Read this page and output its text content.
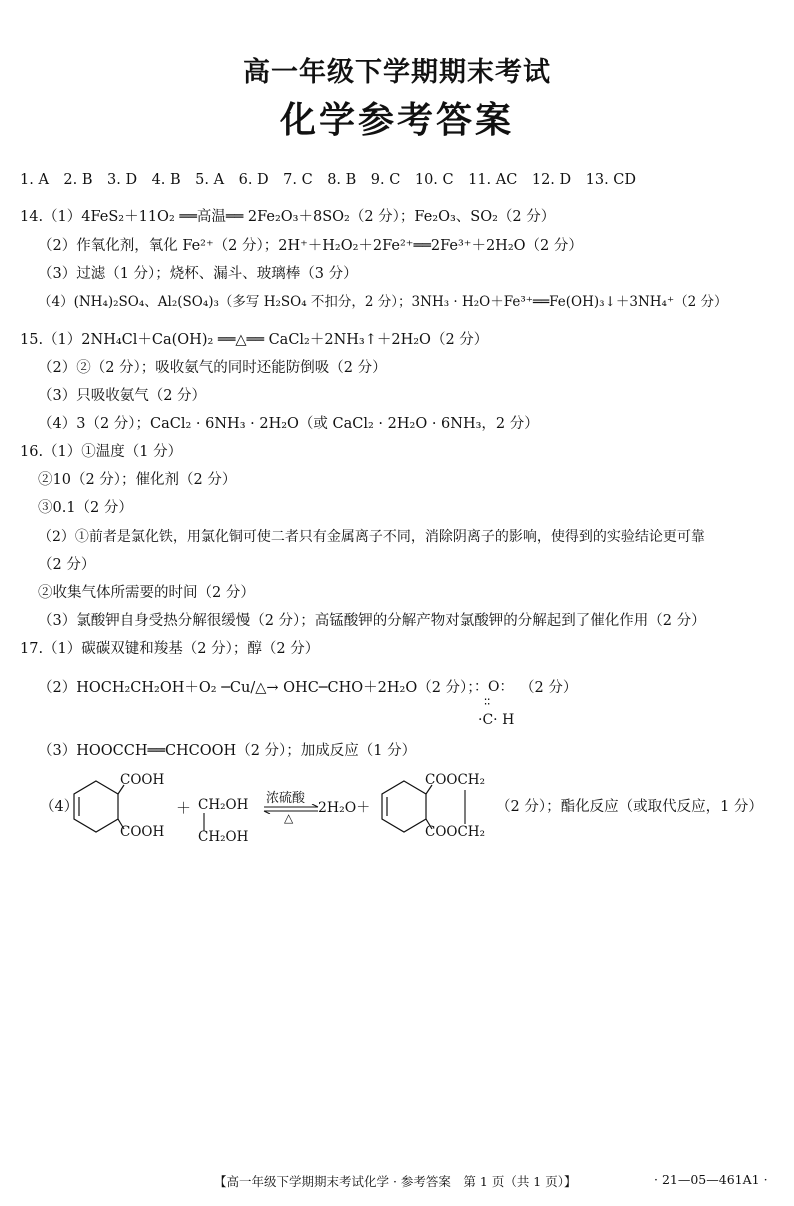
高一年级下学期期末考试
化学参考答案
1. A　2. B　3. D　4. B　5. A　6. D　7. C　8. B　9. C　10. C　11. AC　12. D　13. CD
14.（1）4FeS₂＋11O₂ ══高温══ 2Fe₂O₃＋8SO₂（2 分）；Fe₂O₃、SO₂（2 分）
（2）作氧化剂，氧化 Fe²⁺（2 分）；2H⁺＋H₂O₂＋2Fe²⁺══2Fe³⁺＋2H₂O（2 分）
（3）过滤（1 分）；烧杯、漏斗、玻璃棒（3 分）
（4）(NH₄)₂SO₄、Al₂(SO₄)₃（多写 H₂SO₄ 不扣分，2 分）；3NH₃ · H₂O＋Fe³⁺══Fe(OH)₃↓＋3NH₄⁺（2 分）
15.（1）2NH₄Cl＋Ca(OH)₂ ══△══ CaCl₂＋2NH₃↑＋2H₂O（2 分）
（2）②（2 分）；吸收氨气的同时还能防倒吸（2 分）
（3）只吸收氨气（2 分）
（4）3（2 分）；CaCl₂ · 6NH₃ · 2H₂O（或 CaCl₂ · 2H₂O · 6NH₃，2 分）
16.（1）①温度（1 分）
②10（2 分）；催化剂（2 分）
③0.1（2 分）
（2）①前者是氯化铁，用氯化铜可使二者只有金属离子不同，消除阴离子的影响，使得到的实验结论更可靠
（2 分）
②收集气体所需要的时间（2 分）
（3）氯酸钾自身受热分解很缓慢（2 分）；高锰酸钾的分解产物对氯酸钾的分解起到了催化作用（2 分）
17.（1）碳碳双键和羧基（2 分）；醇（2 分）
（2）HOCH₂CH₂OH＋O₂ ─Cu/△→ OHC─CHO＋2H₂O（2 分）；
：O：
∶∶
·C· H
（2 分）
（3）HOOCCH══CHCOOH（2 分）；加成反应（1 分）
（4）
COOH
COOH
＋ CH₂OH
CH₂OH
浓硫酸
△
2H₂O＋
COOCH₂
COOCH₂
（2 分）；酯化反应（或取代反应，1 分）
【高一年级下学期期末考试化学 · 参考答案　第 1 页（共 1 页）】	· 21—05—461A1 ·
